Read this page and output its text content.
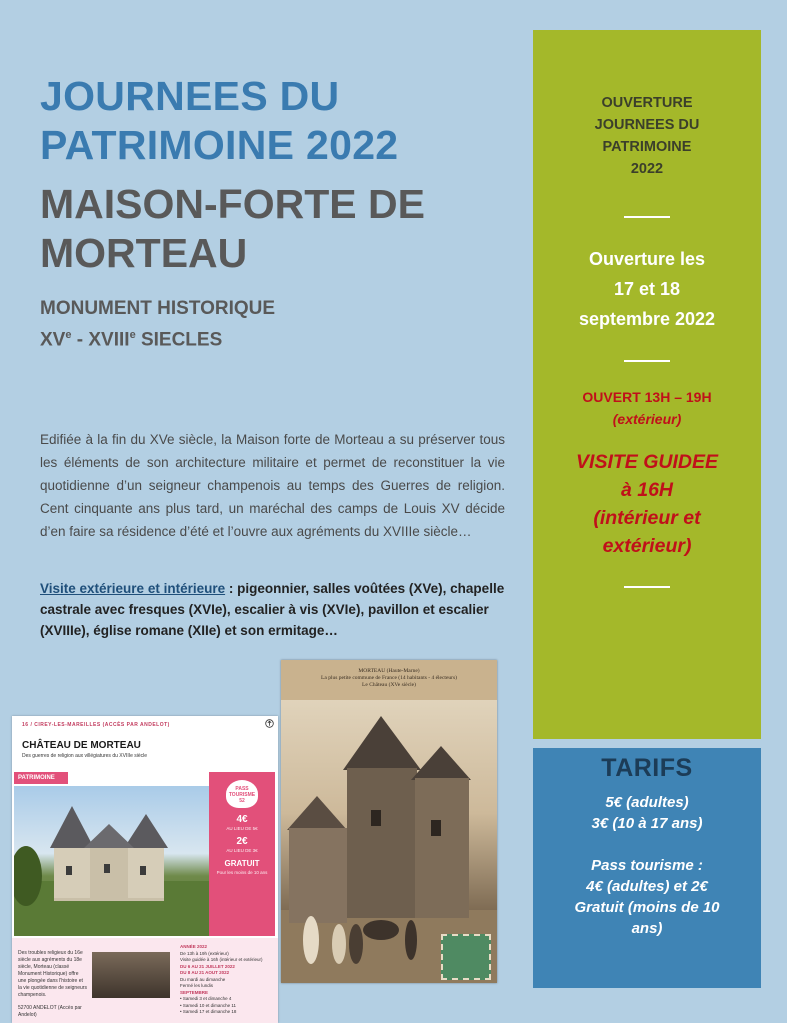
JOURNEES DU PATRIMOINE 2022
MAISON-FORTE DE MORTEAU
MONUMENT HISTORIQUE
XVe - XVIIIe SIECLES

Edifiée à la fin du XVe siècle, la Maison forte de Morteau a su préserver tous les éléments de son architecture militaire et permet de reconstituer la vie quotidienne d’un seigneur champenois au temps des Guerres de religion. Cent cinquante ans plus tard, un maréchal des camps de Louis XV décide d’en faire sa résidence d’été et l’ouvre aux agréments du XVIIIe siècle…

Visite extérieure et intérieure : pigeonnier, salles voûtées (XVe), chapelle castrale avec fresques (XVIe), escalier à vis (XVIe), pavillon et escalier (XVIIIe), église romane (XIIe) et son ermitage…

OUVERTURE
JOURNEES DU
PATRIMOINE
2022
Ouverture les
17 et 18
septembre 2022
OUVERT 13H – 19H
(extérieur)
VISITE GUIDEE
à 16H
(intérieur et
extérieur)
TARIFS
5€ (adultes)
3€ (10 à 17 ans)
Pass tourisme :
4€ (adultes) et 2€
Gratuit (moins de 10
ans)
16 / CIREY-LES-MAREILLES (ACCÈS PAR ANDELOT)
CHÂTEAU DE MORTEAU
Des guerres de religion aux villégiatures du XVIIIe siècle
PATRIMOINE
PASS TOURISME 52
4€
AU LIEU DE 5€
2€
AU LIEU DE 3€
GRATUIT
Pour les moins de 10 ans
Des troubles religieux du 16e siècle aux agréments du 18e siècle, Morteau (classé Monument Historique) offre une plongée dans l'histoire et la vie quotidienne de seigneurs champenois.
52700 ANDELOT (Accès par Andelot)
ANNÉE 2022
De 13h à 19h (extérieur)
Visite guidée à 16h (intérieur et extérieur)
DU 6 AU 21 JUILLET 2022
DU 8 AU 21 AOUT 2022
Du mardi au dimanche
Fermé les lundis
SEPTEMBRE
• Samedi 3 et dimanche 4
• Samedi 10 et dimanche 11
• Samedi 17 et dimanche 18
MORTEAU (Haute-Marne)
La plus petite commune de France (14 habitants - 4 électeurs)
Le Château (XVe siècle)
